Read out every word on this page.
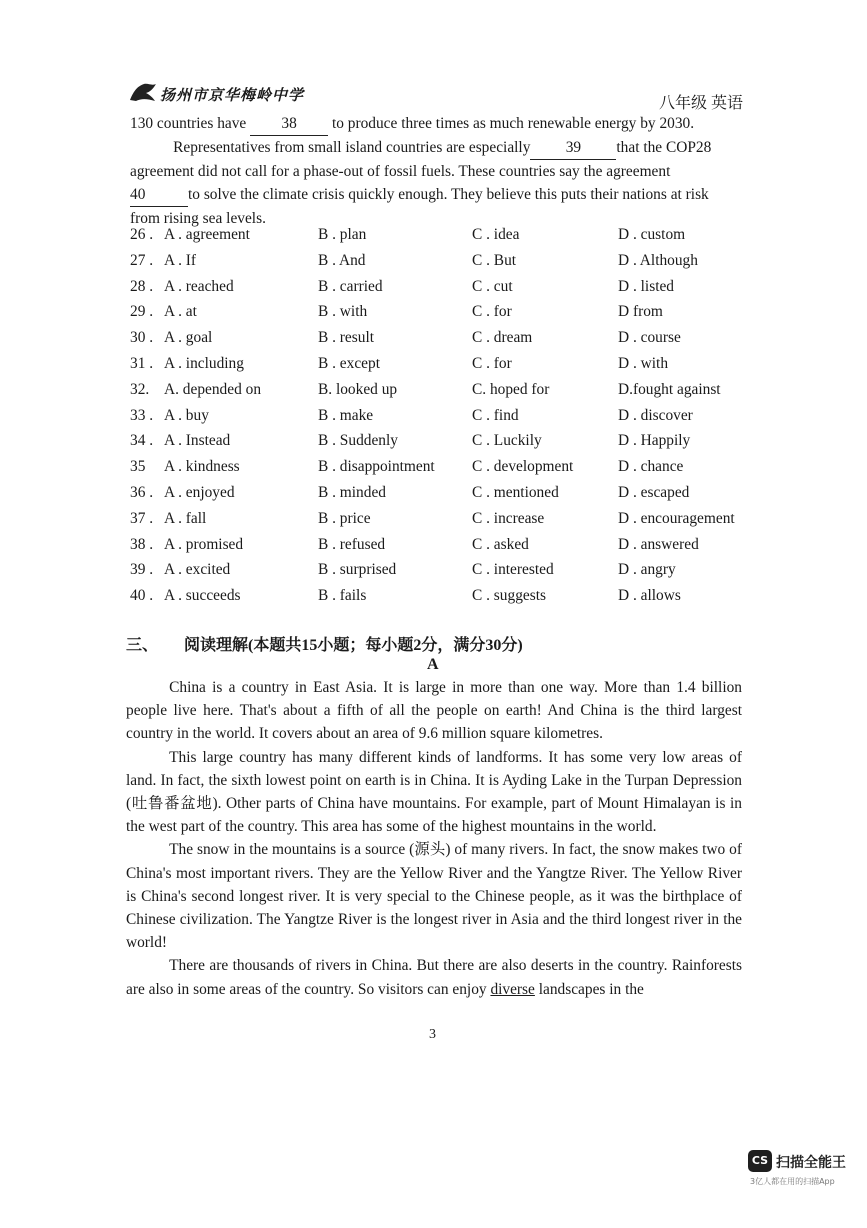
扬州市京华梅岭中学	八年级 英语
130 countries have 38 to produce three times as much renewable energy by 2030.
Representatives from small island countries are especially 39 that the COP28
agreement did not call for a phase-out of fossil fuels. These countries say the agreement
40	to solve the climate crisis quickly enough. They believe this puts their nations at risk
from rising sea levels.
26 . A . agreement	B . plan	C . idea	D . custom
27 . A . If	B . And	C . But	D . Although
28 . A . reached	B . carried	C . cut	D . listed
29 . A . at	B . with	C . for	D from
30 . A . goal	B . result	C . dream	D . course
31 . A . including	B . except	C . for	D . with
32. A. depended on	B. looked up	C. hoped for	D.fought against
33 . A . buy	B . make	C . find	D . discover
34 . A . Instead	B . Suddenly	C . Luckily	D . Happily
35 A . kindness	B . disappointment C . development	D . chance
36 . A . enjoyed	B . minded	C . mentioned	D . escaped
37 . A . fall	B . price	C . increase	D . encouragement
38 . A . promised	B . refused	C . asked	D . answered
39 . A . excited	B . surprised	C . interested	D . angry
40 . A . succeeds	B . fails	C . suggests	D . allows
三、 阅读理解(本题共15小题；每小题2分，满分30分)
A

China is a country in East Asia. It is large in more than one way. More than 1.4 billion people live here. That's about a fifth of all the people on earth! And China is the third largest country in the world. It covers about an area of 9.6 million square kilometres.

This large country has many different kinds of landforms. It has some very low areas of land. In fact, the sixth lowest point on earth is in China. It is Ayding Lake in the Turpan Depression (吐鲁番盆地). Other parts of China have mountains. For example, part of Mount Himalayan is in the west part of the country. This area has some of the highest mountains in the world.

The snow in the mountains is a source (源头) of many rivers. In fact, the snow makes two of China's most important rivers. They are the Yellow River and the Yangtze River. The Yellow River is China's second longest river. It is very special to the Chinese people, as it was the birthplace of Chinese civilization. The Yangtze River is the longest river in Asia and the third longest river in the world!

There are thousands of rivers in China. But there are also deserts in the country. Rainforests are also in some areas of the country. So visitors can enjoy diverse landscapes in the

3
CS 扫描全能王
3亿人都在用的扫描App
